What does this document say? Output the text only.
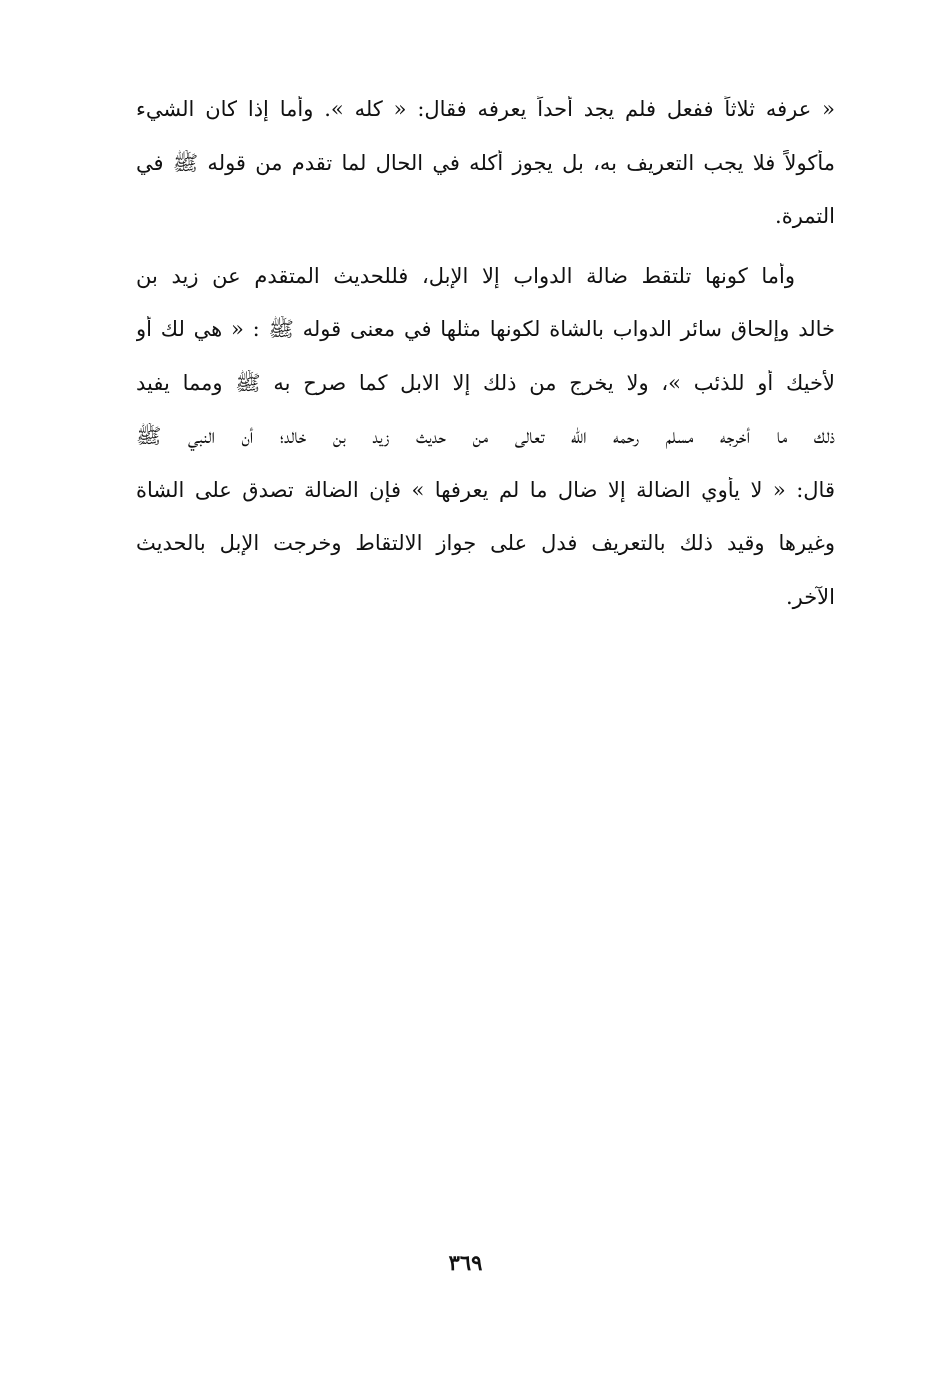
« عرفه ثلاثاً ففعل فلم يجد أحداً يعرفه فقال: « كله ». وأما إذا كان الشيء
مأكولاً فلا يجب التعريف به، بل يجوز أكله في الحال لما تقدم من قوله ﷺ في
التمرة.
وأما كونها تلتقط ضالة الدواب إلا الإبل، فللحديث المتقدم عن زيد بن
خالد وإلحاق سائر الدواب بالشاة لكونها مثلها في معنى قوله ﷺ : « هي لك أو
لأخيك أو للذئب »، ولا يخرج من ذلك إلا الابل كما صرح به ﷺ ومما يفيد
ذلك ما أخرجه مسلم رحمه الله تعالى من حديث زيد بن خالد؛ أن النبي ﷺ
قال: « لا يأوي الضالة إلا ضال ما لم يعرفها » فإن الضالة تصدق على الشاة
وغيرها وقيد ذلك بالتعريف فدل على جواز الالتقاط وخرجت الإبل بالحديث
الآخر.
٣٦٩
